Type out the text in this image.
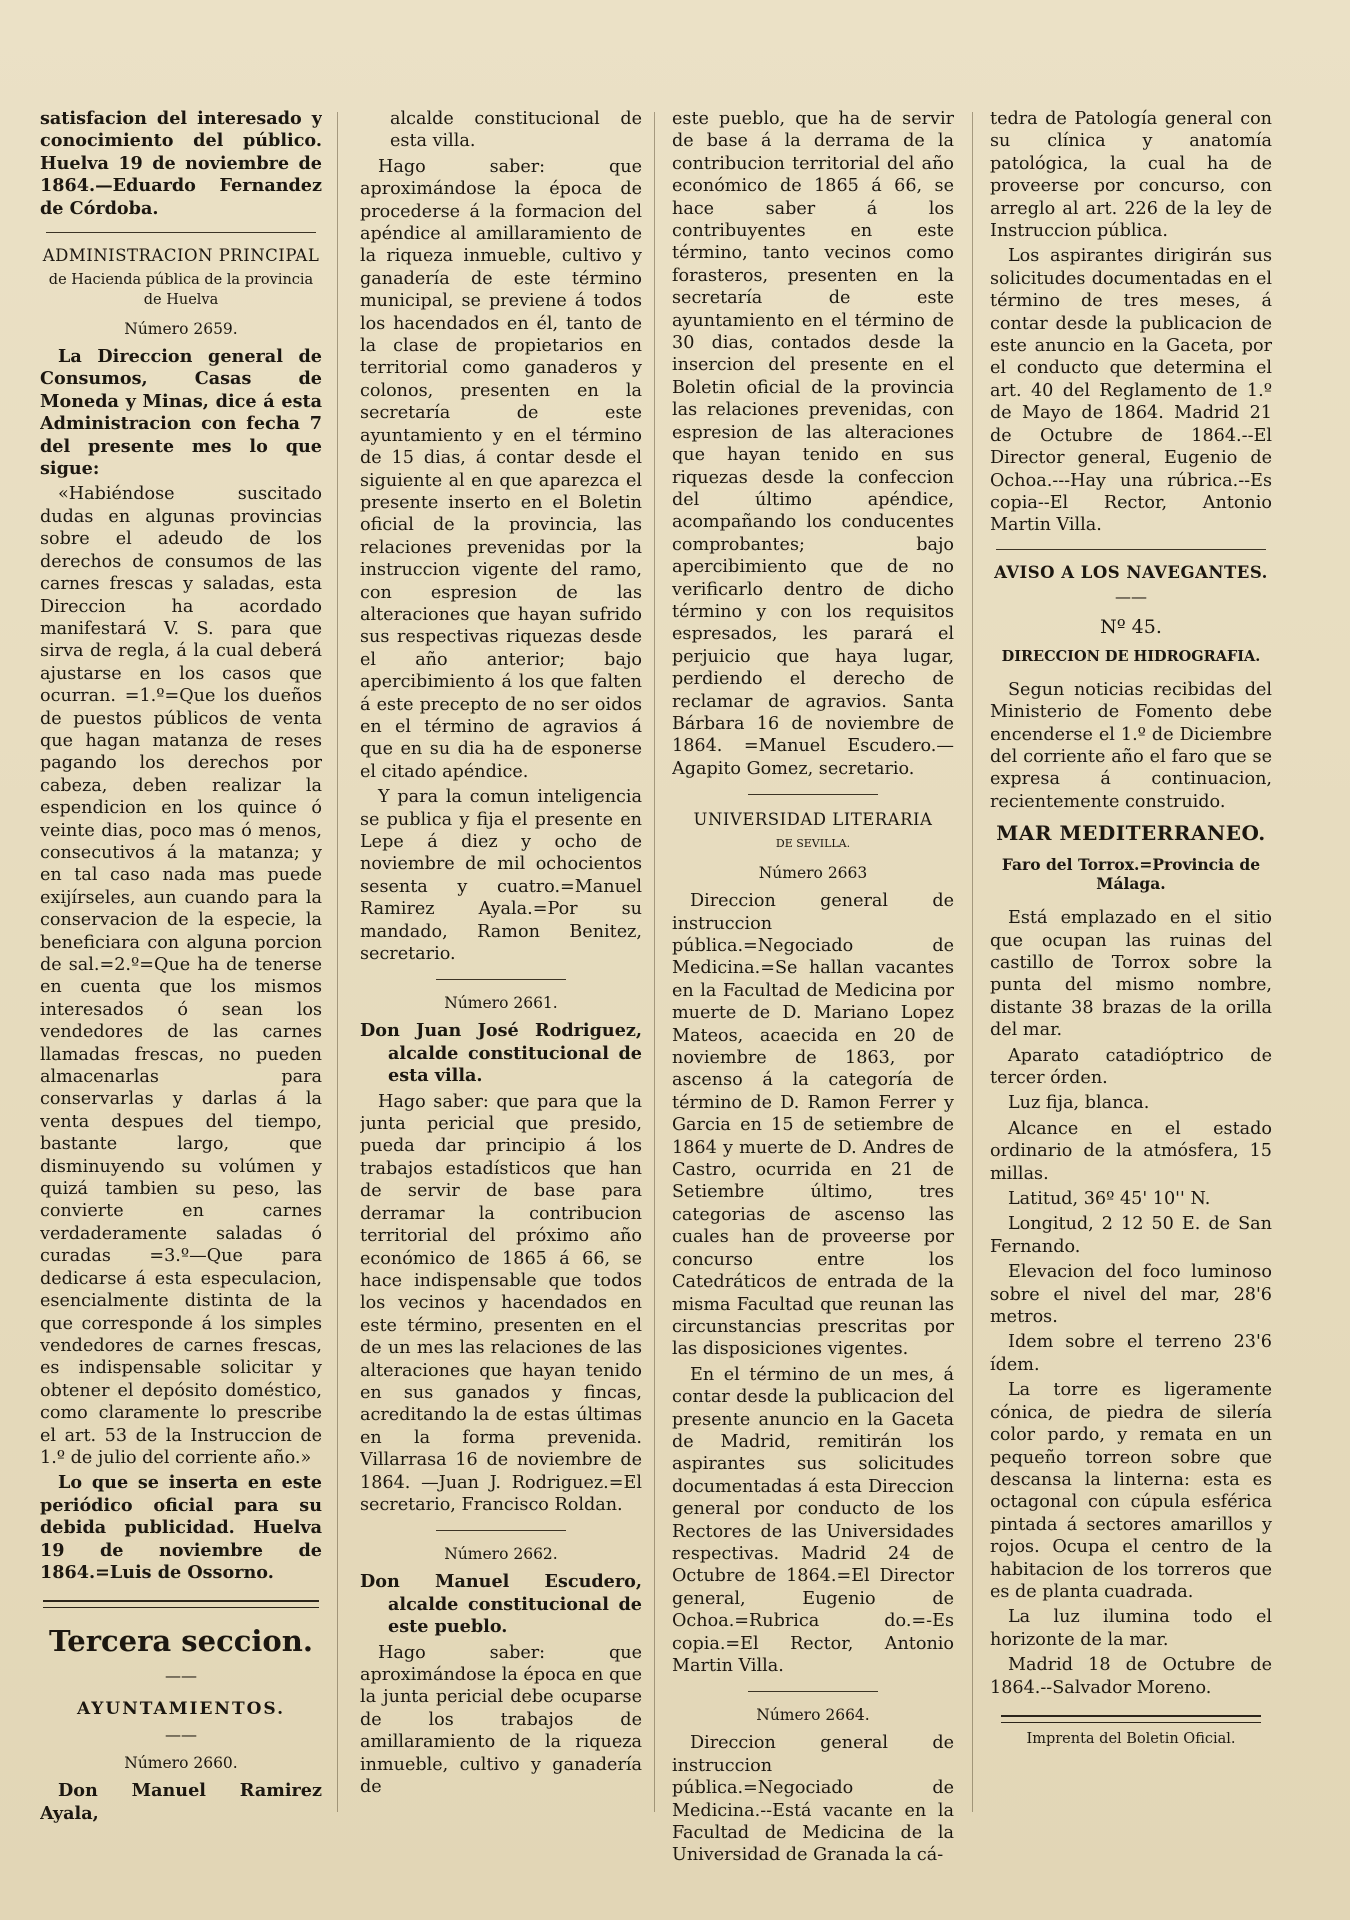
satisfacion del interesado y conocimiento del público. Huelva 19 de noviembre de 1864.—Eduardo Fernandez de Córdoba.

ADMINISTRACION PRINCIPAL
de Hacienda pública de la provincia de Huelva
Número 2659.

La Direccion general de Consumos, Casas de Moneda y Minas, dice á esta Administracion con fecha 7 del presente mes lo que sigue:

«Habiéndose suscitado dudas en algunas provincias sobre el adeudo de los derechos de consumos de las carnes frescas y saladas, esta Direccion ha acordado manifestará V. S. para que sirva de regla, á la cual deberá ajustarse en los casos que ocurran. =1.º=Que los dueños de puestos públicos de venta que hagan matanza de reses pagando los derechos por cabeza, deben realizar la espendicion en los quince ó veinte dias, poco mas ó menos, consecutivos á la matanza; y en tal caso nada mas puede exijírseles, aun cuando para la conservacion de la especie, la beneficiara con alguna porcion de sal.=2.º=Que ha de tenerse en cuenta que los mismos interesados ó sean los vendedores de las carnes llamadas frescas, no pueden almacenarlas para conservarlas y darlas á la venta despues del tiempo, bastante largo, que disminuyendo su volúmen y quizá tambien su peso, las convierte en carnes verdaderamente saladas ó curadas =3.º—Que para dedicarse á esta especulacion, esencialmente distinta de la que corresponde á los simples vendedores de carnes frescas, es indispensable solicitar y obtener el depósito doméstico, como claramente lo prescribe el art. 53 de la Instruccion de 1.º de julio del corriente año.»

Lo que se inserta en este periódico oficial para su debida publicidad. Huelva 19 de noviembre de 1864.=Luis de Ossorno.

Tercera seccion.
——
AYUNTAMIENTOS.
——
Número 2660.

Don Manuel Ramirez Ayala,

alcalde constitucional de esta villa.

Hago saber: que aproximándose la época de procederse á la formacion del apéndice al amillaramiento de la riqueza inmueble, cultivo y ganadería de este término municipal, se previene á todos los hacendados en él, tanto de la clase de propietarios en territorial como ganaderos y colonos, presenten en la secretaría de este ayuntamiento y en el término de 15 dias, á contar desde el siguiente al en que aparezca el presente inserto en el Boletin oficial de la provincia, las relaciones prevenidas por la instruccion vigente del ramo, con espresion de las alteraciones que hayan sufrido sus respectivas riquezas desde el año anterior; bajo apercibimiento á los que falten á este precepto de no ser oidos en el término de agravios á que en su dia ha de esponerse el citado apéndice.

Y para la comun inteligencia se publica y fija el presente en Lepe á diez y ocho de noviembre de mil ochocientos sesenta y cuatro.=Manuel Ramirez Ayala.=Por su mandado, Ramon Benitez, secretario.

Número 2661.

Don Juan José Rodriguez, alcalde constitucional de esta villa.

Hago saber: que para que la junta pericial que presido, pueda dar principio á los trabajos estadísticos que han de servir de base para derramar la contribucion territorial del próximo año económico de 1865 á 66, se hace indispensable que todos los vecinos y hacendados en este término, presenten en el de un mes las relaciones de las alteraciones que hayan tenido en sus ganados y fincas, acreditando la de estas últimas en la forma prevenida. Villarrasa 16 de noviembre de 1864. —Juan J. Rodriguez.=El secretario, Francisco Roldan.

Número 2662.

Don Manuel Escudero, alcalde constitucional de este pueblo.

Hago saber: que aproximándose la época en que la junta pericial debe ocuparse de los trabajos de amillaramiento de la riqueza inmueble, cultivo y ganadería de

este pueblo, que ha de servir de base á la derrama de la contribucion territorial del año económico de 1865 á 66, se hace saber á los contribuyentes en este término, tanto vecinos como forasteros, presenten en la secretaría de este ayuntamiento en el término de 30 dias, contados desde la insercion del presente en el Boletin oficial de la provincia las relaciones prevenidas, con espresion de las alteraciones que hayan tenido en sus riquezas desde la confeccion del último apéndice, acompañando los conducentes comprobantes; bajo apercibimiento que de no verificarlo dentro de dicho término y con los requisitos espresados, les parará el perjuicio que haya lugar, perdiendo el derecho de reclamar de agravios. Santa Bárbara 16 de noviembre de 1864. =Manuel Escudero.—Agapito Gomez, secretario.

UNIVERSIDAD LITERARIA
DE SEVILLA.
Número 2663

Direccion general de instruccion pública.=Negociado de Medicina.=Se hallan vacantes en la Facultad de Medicina por muerte de D. Mariano Lopez Mateos, acaecida en 20 de noviembre de 1863, por ascenso á la categoría de término de D. Ramon Ferrer y Garcia en 15 de setiembre de 1864 y muerte de D. Andres de Castro, ocurrida en 21 de Setiembre último, tres categorias de ascenso las cuales han de proveerse por concurso entre los Catedráticos de entrada de la misma Facultad que reunan las circunstancias prescritas por las disposiciones vigentes.

En el término de un mes, á contar desde la publicacion del presente anuncio en la Gaceta de Madrid, remitirán los aspirantes sus solicitudes documentadas á esta Direccion general por conducto de los Rectores de las Universidades respectivas. Madrid 24 de Octubre de 1864.=El Director general, Eugenio de Ochoa.=Rubrica do.=-Es copia.=El Rector, Antonio Martin Villa.

Número 2664.

Direccion general de instruccion pública.=Negociado de Medicina.--Está vacante en la Facultad de Medicina de la Universidad de Granada la cá-

tedra de Patología general con su clínica y anatomía patológica, la cual ha de proveerse por concurso, con arreglo al art. 226 de la ley de Instruccion pública.

Los aspirantes dirigirán sus solicitudes documentadas en el término de tres meses, á contar desde la publicacion de este anuncio en la Gaceta, por el conducto que determina el art. 40 del Reglamento de 1.º de Mayo de 1864. Madrid 21 de Octubre de 1864.--El Director general, Eugenio de Ochoa.---Hay una rúbrica.--Es copia--El Rector, Antonio Martin Villa.

AVISO A LOS NAVEGANTES.
——
Nº 45.
DIRECCION DE HIDROGRAFIA.

Segun noticias recibidas del Ministerio de Fomento debe encenderse el 1.º de Diciembre del corriente año el faro que se expresa á continuacion, recientemente construido.

MAR MEDITERRANEO.
Faro del Torrox.=Provincia de Málaga.

Está emplazado en el sitio que ocupan las ruinas del castillo de Torrox sobre la punta del mismo nombre, distante 38 brazas de la orilla del mar.

Aparato catadióptrico de tercer órden.

Luz fija, blanca.

Alcance en el estado ordinario de la atmósfera, 15 millas.

Latitud, 36º 45' 10'' N.

Longitud, 2 12 50 E. de San Fernando.

Elevacion del foco luminoso sobre el nivel del mar, 28'6 metros.

Idem sobre el terreno 23'6 ídem.

La torre es ligeramente cónica, de piedra de silería color pardo, y remata en un pequeño torreon sobre que descansa la linterna: esta es octagonal con cúpula esférica pintada á sectores amarillos y rojos. Ocupa el centro de la habitacion de los torreros que es de planta cuadrada.

La luz ilumina todo el horizonte de la mar.

Madrid 18 de Octubre de 1864.--Salvador Moreno.

Imprenta del Boletin Oficial.
